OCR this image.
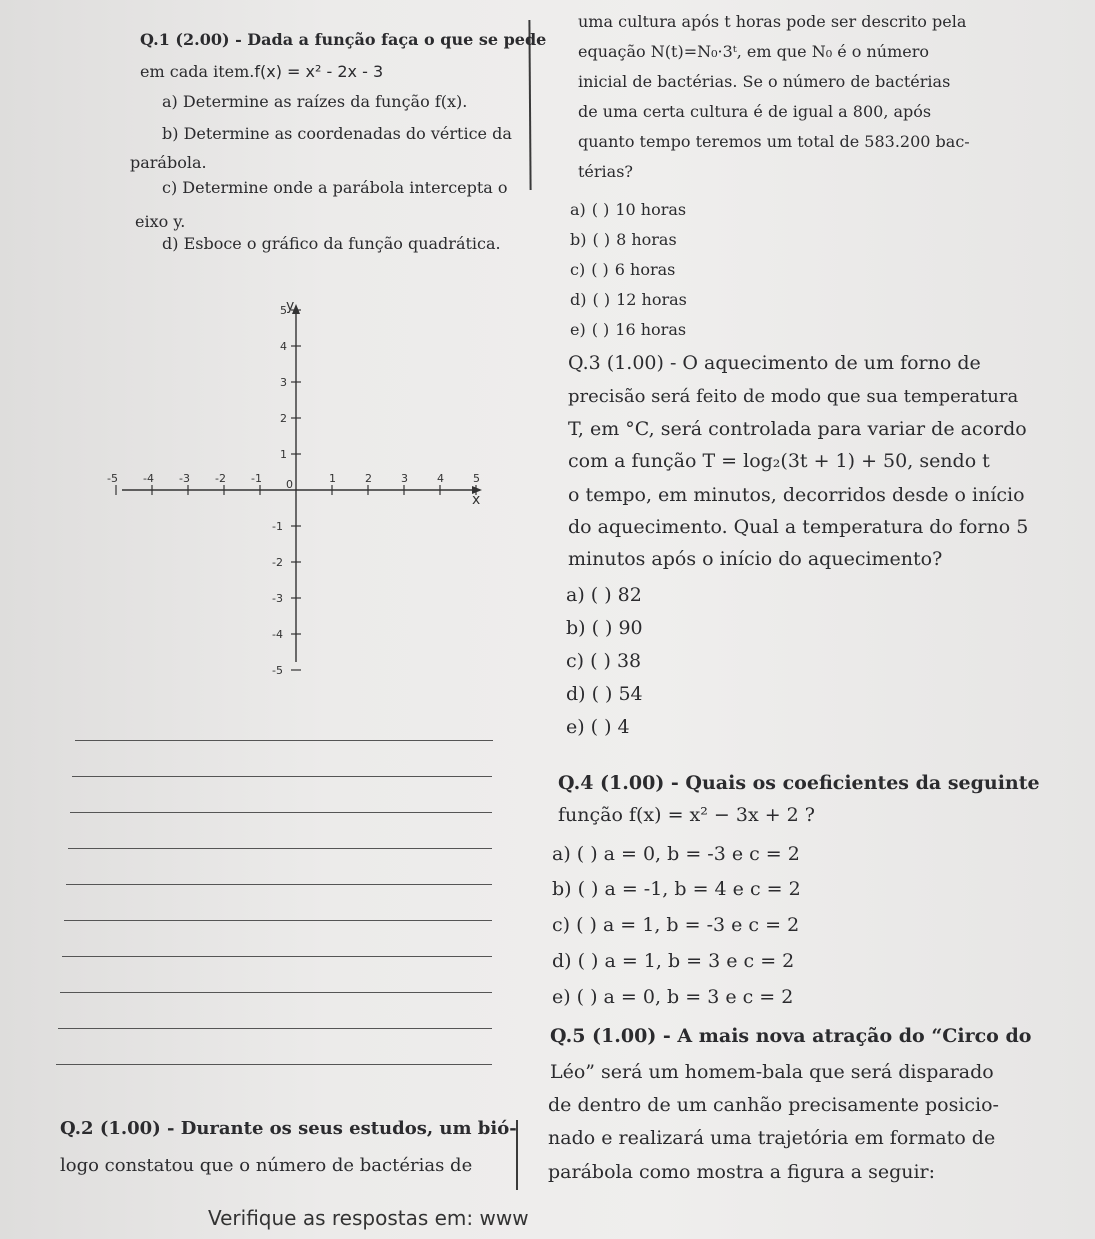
Q.1 (2.00) - Dada a função faça o que se pede
em cada item.f(x) = x² - 2x - 3
a) Determine as raízes da função f(x).
b) Determine as coordenadas do vértice da
parábola.
c) Determine onde a parábola intercepta o
eixo y.
d) Esboce o gráfico da função quadrática.
y
x
0
-5 -4 -3 -2 -1	1	2	3	4	5
5
4
3
2
1
-1
-2
-3
-4
-5
Q.2 (1.00) - Durante os seus estudos, um bió-
logo constatou que o número de bactérias de
uma cultura após t horas pode ser descrito pela
equação N(t)=N₀·3ᵗ, em que N₀ é o número
inicial de bactérias. Se o número de bactérias
de uma certa cultura é de igual a 800, após
quanto tempo teremos um total de 583.200 bac-
térias?
a) ( ) 10 horas
b) ( ) 8 horas
c) ( ) 6 horas
d) ( ) 12 horas
e) ( ) 16 horas
Q.3 (1.00) - O aquecimento de um forno de
precisão será feito de modo que sua temperatura
T, em °C, será controlada para variar de acordo
com a função T = log₂(3t + 1) + 50, sendo t
o tempo, em minutos, decorridos desde o início
do aquecimento. Qual a temperatura do forno 5
minutos após o início do aquecimento?
a) ( ) 82
b) ( ) 90
c) ( ) 38
d) ( ) 54
e) ( ) 4
Q.4 (1.00) - Quais os coeficientes da seguinte
função f(x) = x² − 3x + 2 ?
a) ( ) a = 0, b = -3 e c = 2
b) ( ) a = -1, b = 4 e c = 2
c) ( ) a = 1, b = -3 e c = 2
d) ( ) a = 1, b = 3 e c = 2
e) ( ) a = 0, b = 3 e c = 2
Q.5 (1.00) - A mais nova atração do “Circo do
Léo” será um homem-bala que será disparado
de dentro de um canhão precisamente posicio-
nado e realizará uma trajetória em formato de
parábola como mostra a figura a seguir:
Verifique as respostas em: www
